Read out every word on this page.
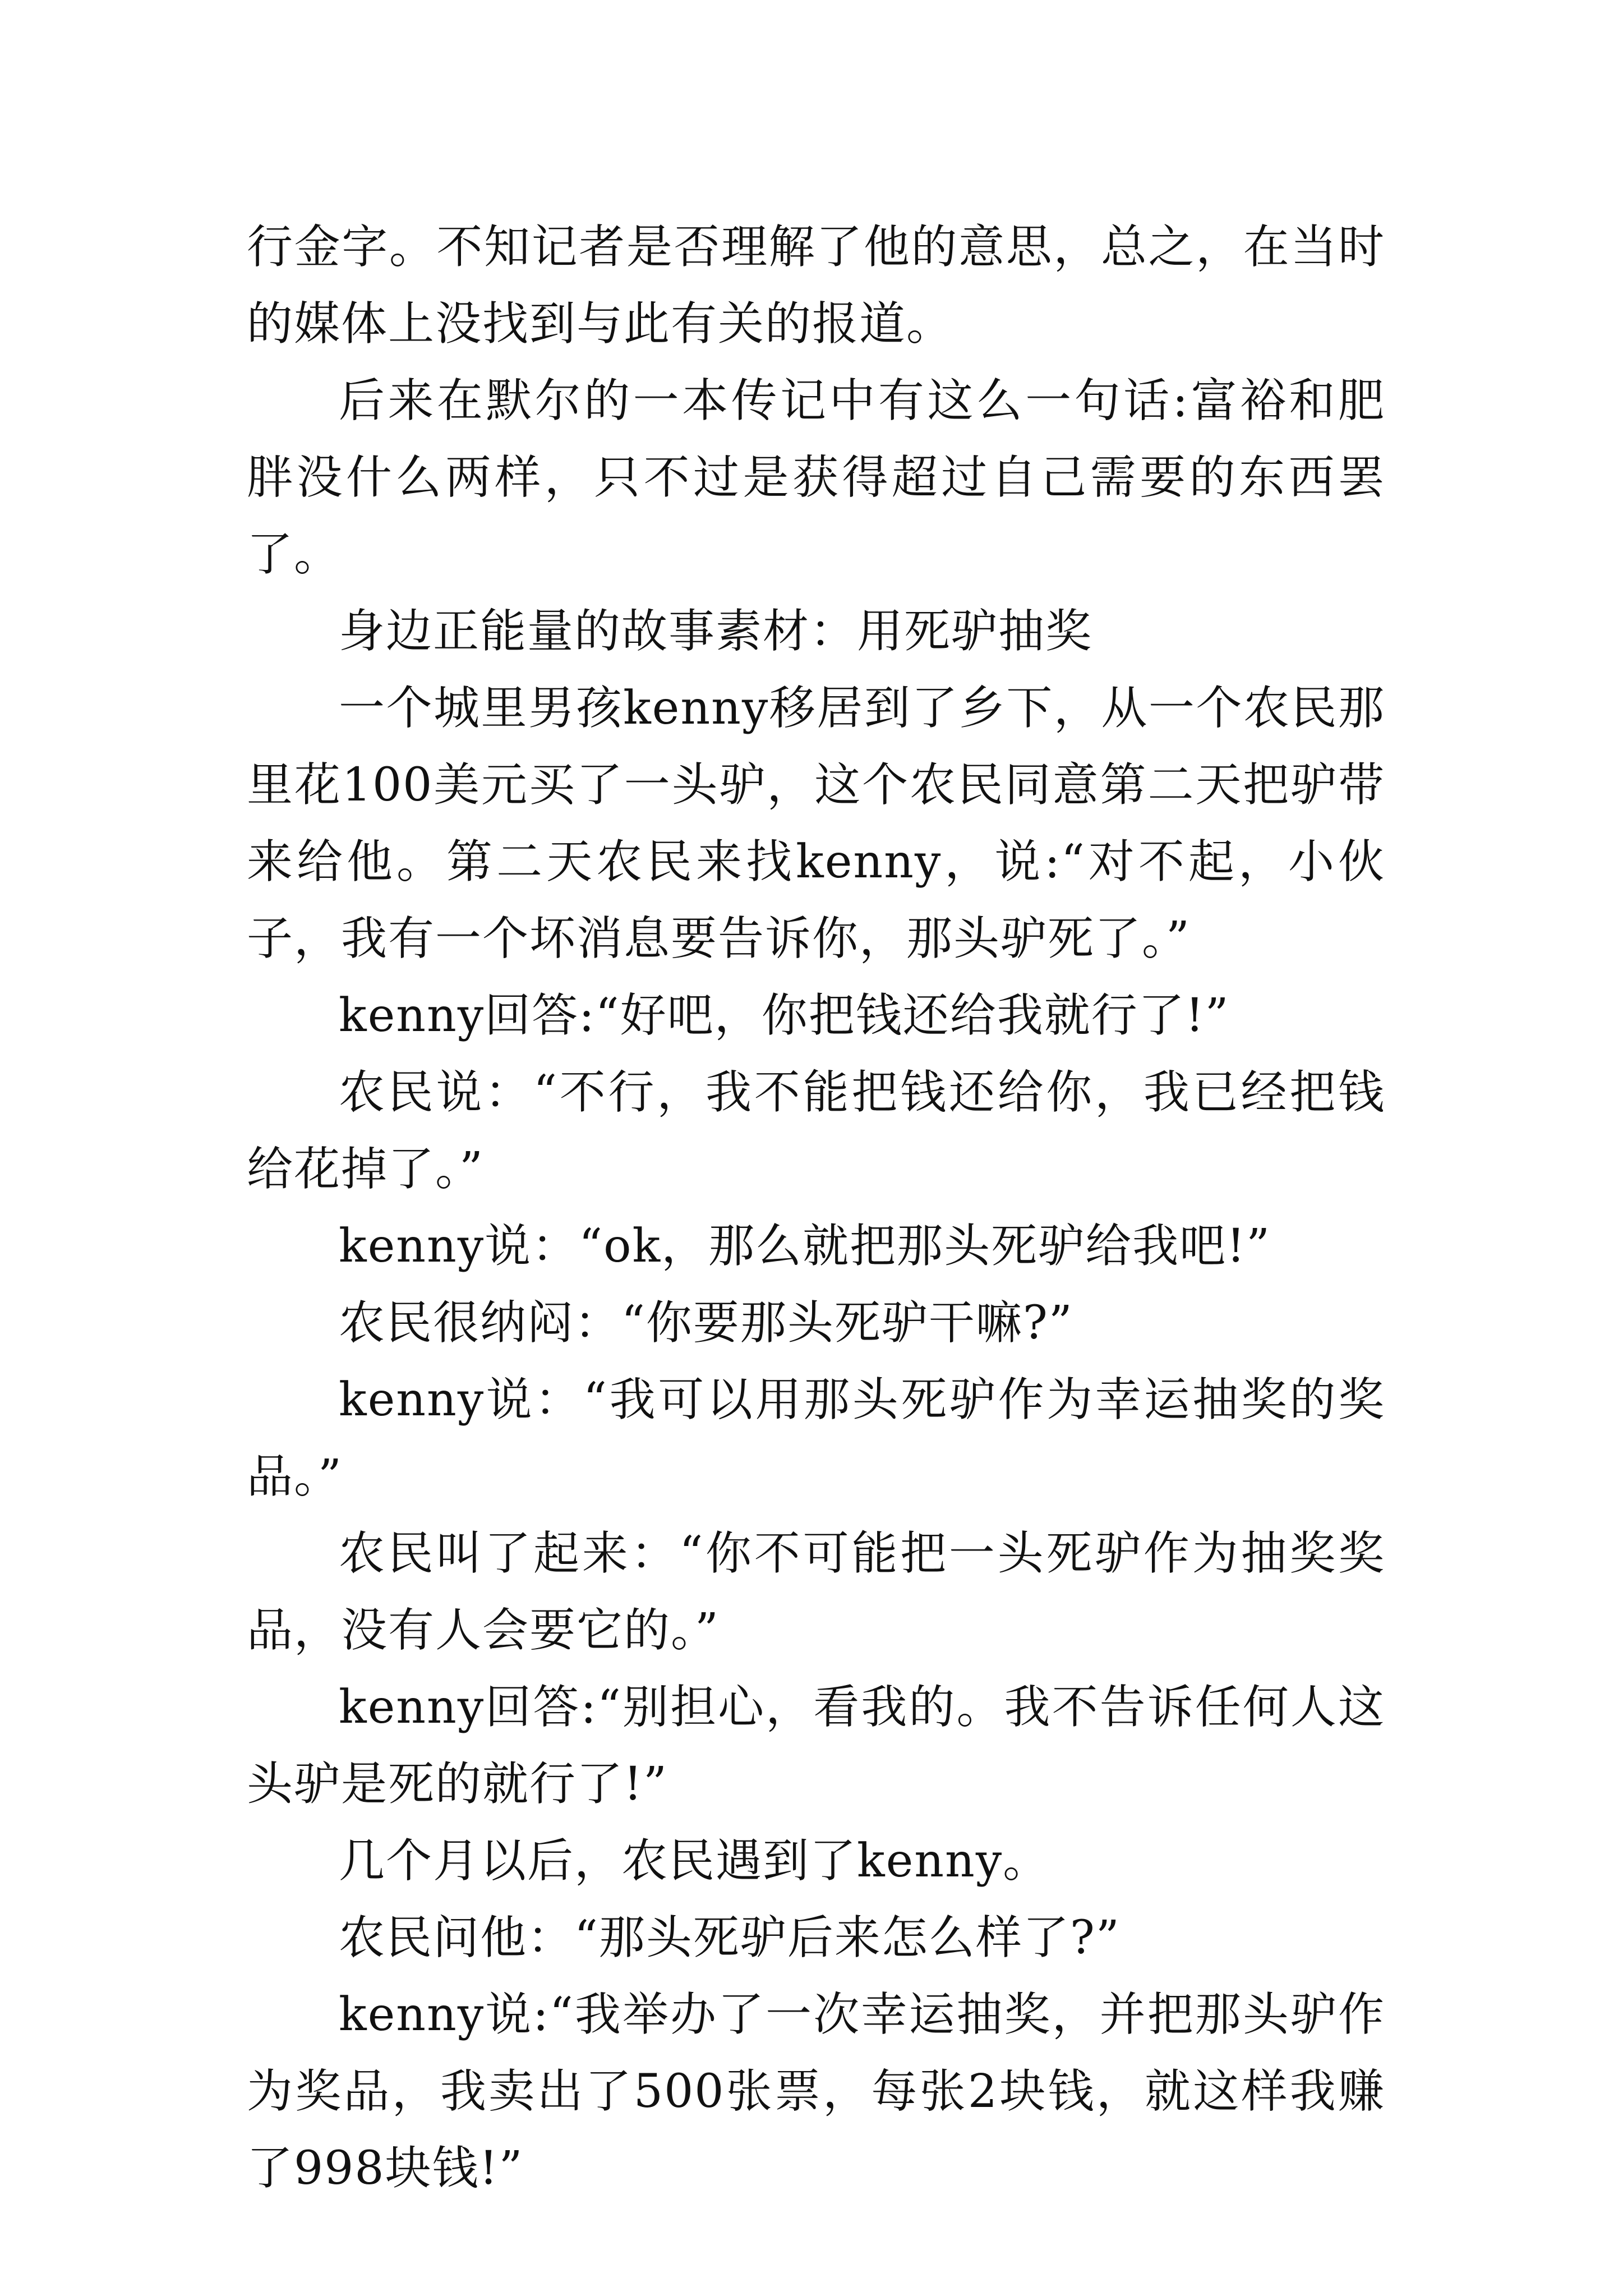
行金字。不知记者是否理解了他的意思，总之，在当时的媒体上没找到与此有关的报道。

后来在默尔的一本传记中有这么一句话:富裕和肥胖没什么两样，只不过是获得超过自己需要的东西罢了。

身边正能量的故事素材：用死驴抽奖

一个城里男孩kenny移居到了乡下，从一个农民那里花100美元买了一头驴，这个农民同意第二天把驴带来给他。第二天农民来找kenny，说:“对不起，小伙子，我有一个坏消息要告诉你，那头驴死了。”

kenny回答:“好吧，你把钱还给我就行了!”

农民说：“不行，我不能把钱还给你，我已经把钱给花掉了。”

kenny说：“ok，那么就把那头死驴给我吧!”

农民很纳闷：“你要那头死驴干嘛?”

kenny说：“我可以用那头死驴作为幸运抽奖的奖品。”

农民叫了起来：“你不可能把一头死驴作为抽奖奖品，没有人会要它的。”

kenny回答:“别担心，看我的。我不告诉任何人这头驴是死的就行了!”

几个月以后，农民遇到了kenny。

农民问他：“那头死驴后来怎么样了?”

kenny说:“我举办了一次幸运抽奖，并把那头驴作为奖品，我卖出了500张票，每张2块钱，就这样我赚了998块钱!”
